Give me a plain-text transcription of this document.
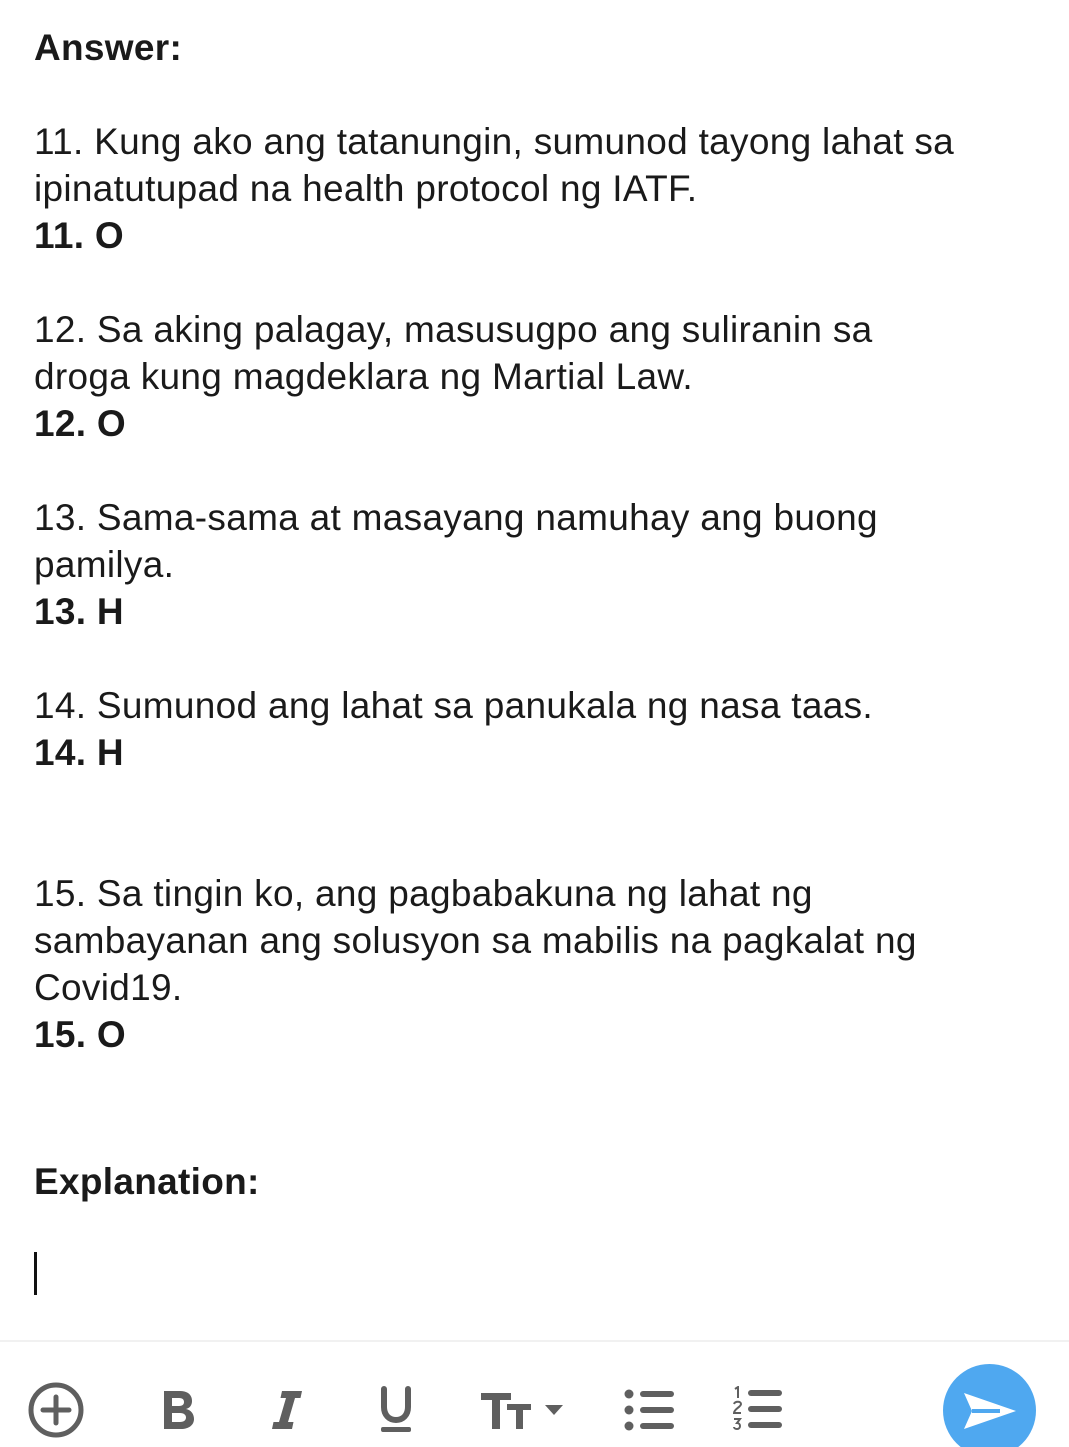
Answer:
11. Kung ako ang tatanungin, sumunod tayong lahat sa
ipinatutupad na health protocol ng IATF.
11. O
12. Sa aking palagay, masusugpo ang suliranin sa
droga kung magdeklara ng Martial Law.
12. O
13. Sama-sama at masayang namuhay ang buong
pamilya.
13. H
14. Sumunod ang lahat sa panukala ng nasa taas.
14. H
15. Sa tingin ko, ang pagbabakuna ng lahat ng
sambayanan ang solusyon sa mabilis na pagkalat ng
Covid19.
15. O
Explanation:
